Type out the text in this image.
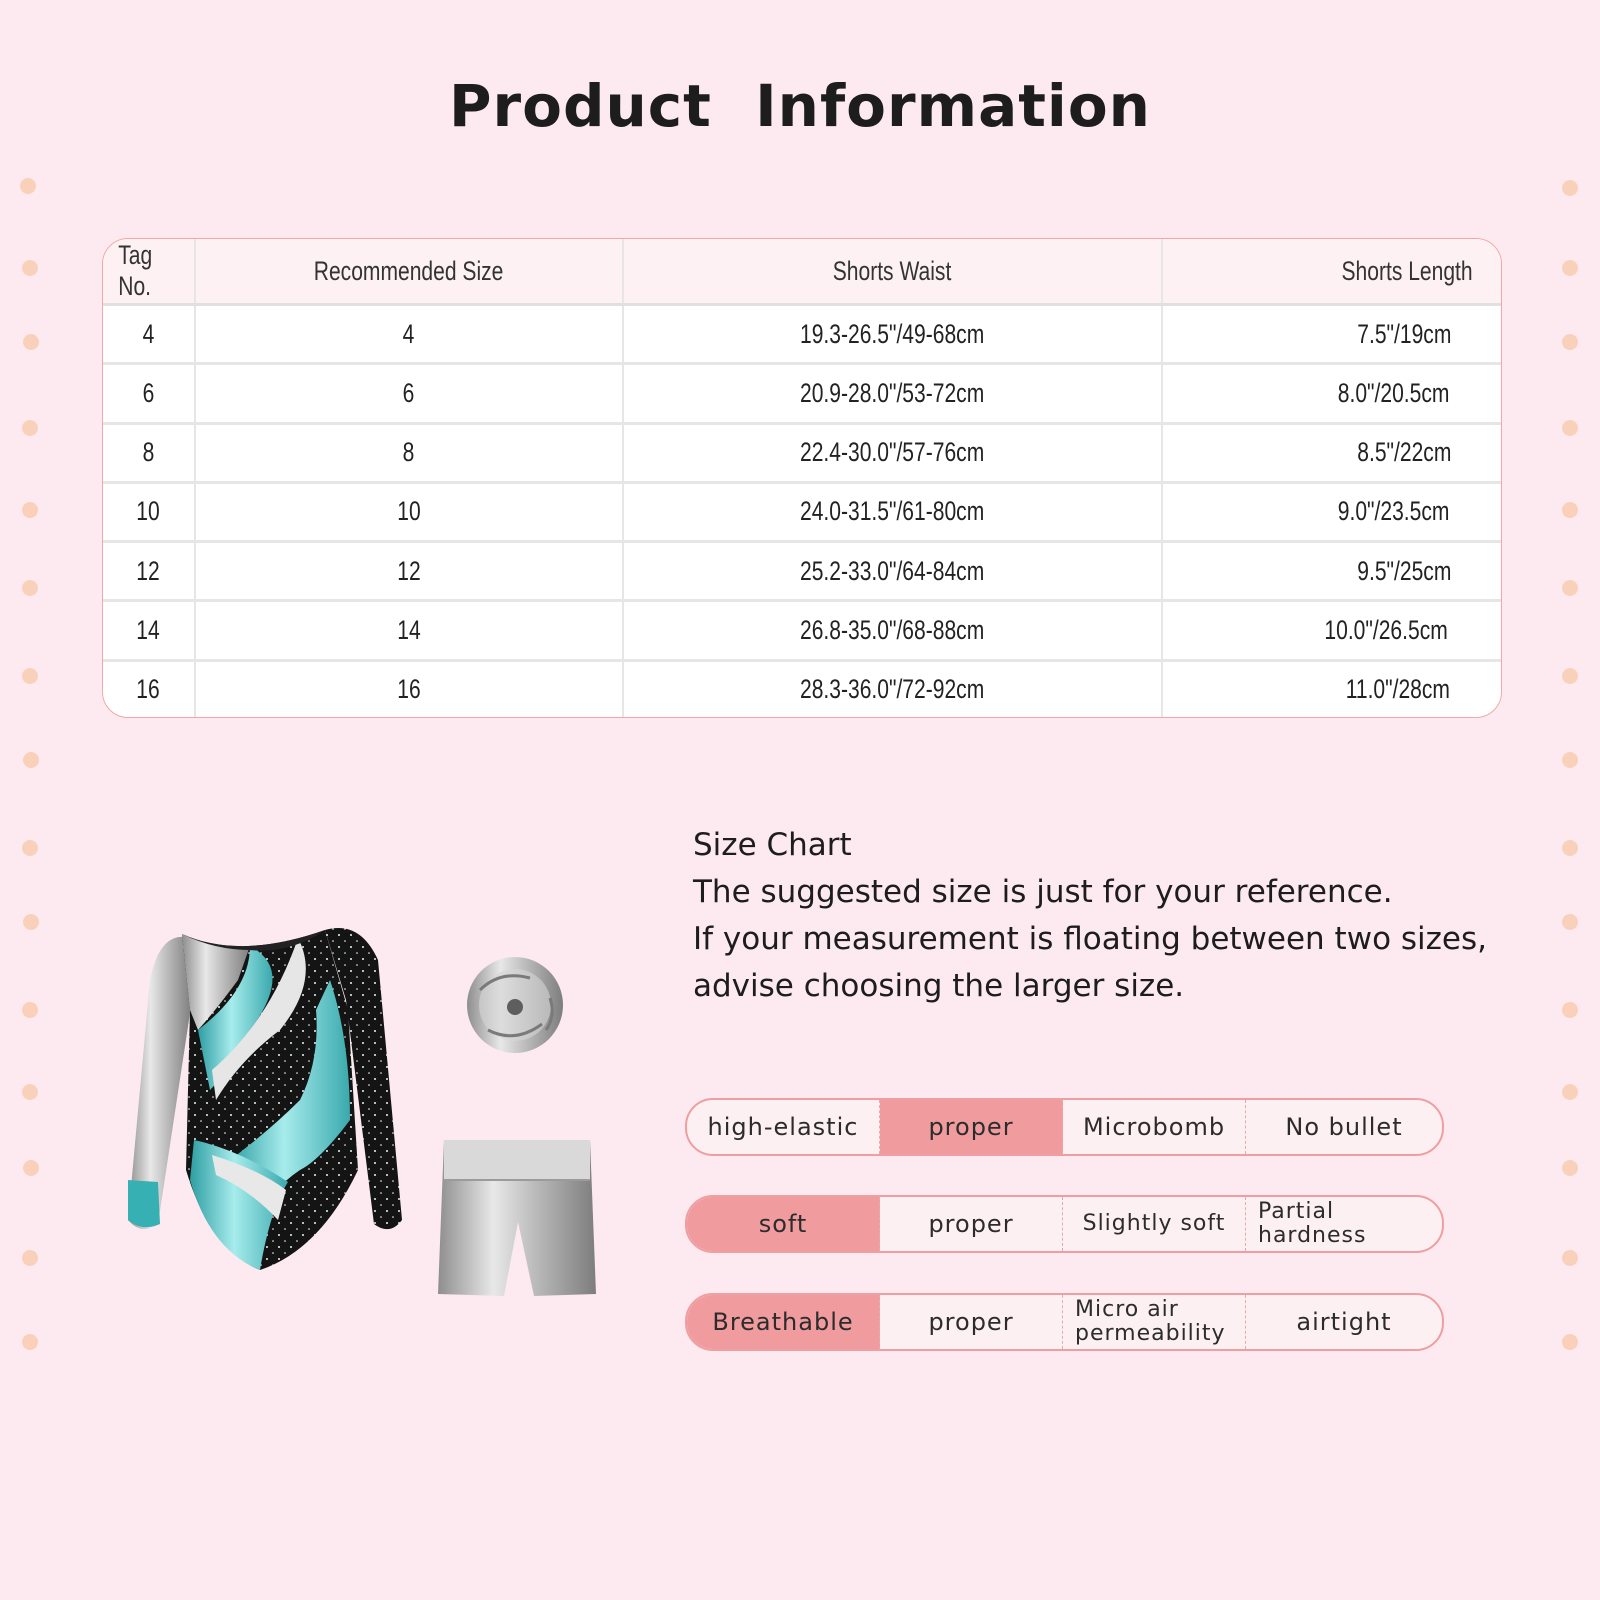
Product Information
Tag No.	Recommended Size	Shorts Waist	Shorts Length
4	4	19.3-26.5"/49-68cm	7.5"/19cm
6	6	20.9-28.0"/53-72cm	8.0"/20.5cm
8	8	22.4-30.0"/57-76cm	8.5"/22cm
10	10	24.0-31.5"/61-80cm	9.0"/23.5cm
12	12	25.2-33.0"/64-84cm	9.5"/25cm
14	14	26.8-35.0"/68-88cm	10.0"/26.5cm
16	16	28.3-36.0"/72-92cm	11.0"/28cm
Size Chart
The suggested size is just for your reference.
If your measurement is floating between two sizes,
advise choosing the larger size.
high-elastic	proper	Microbomb	No bullet
soft	proper	Slightly soft	Partial hardness
Breathable	proper	Micro air permeability	airtight
